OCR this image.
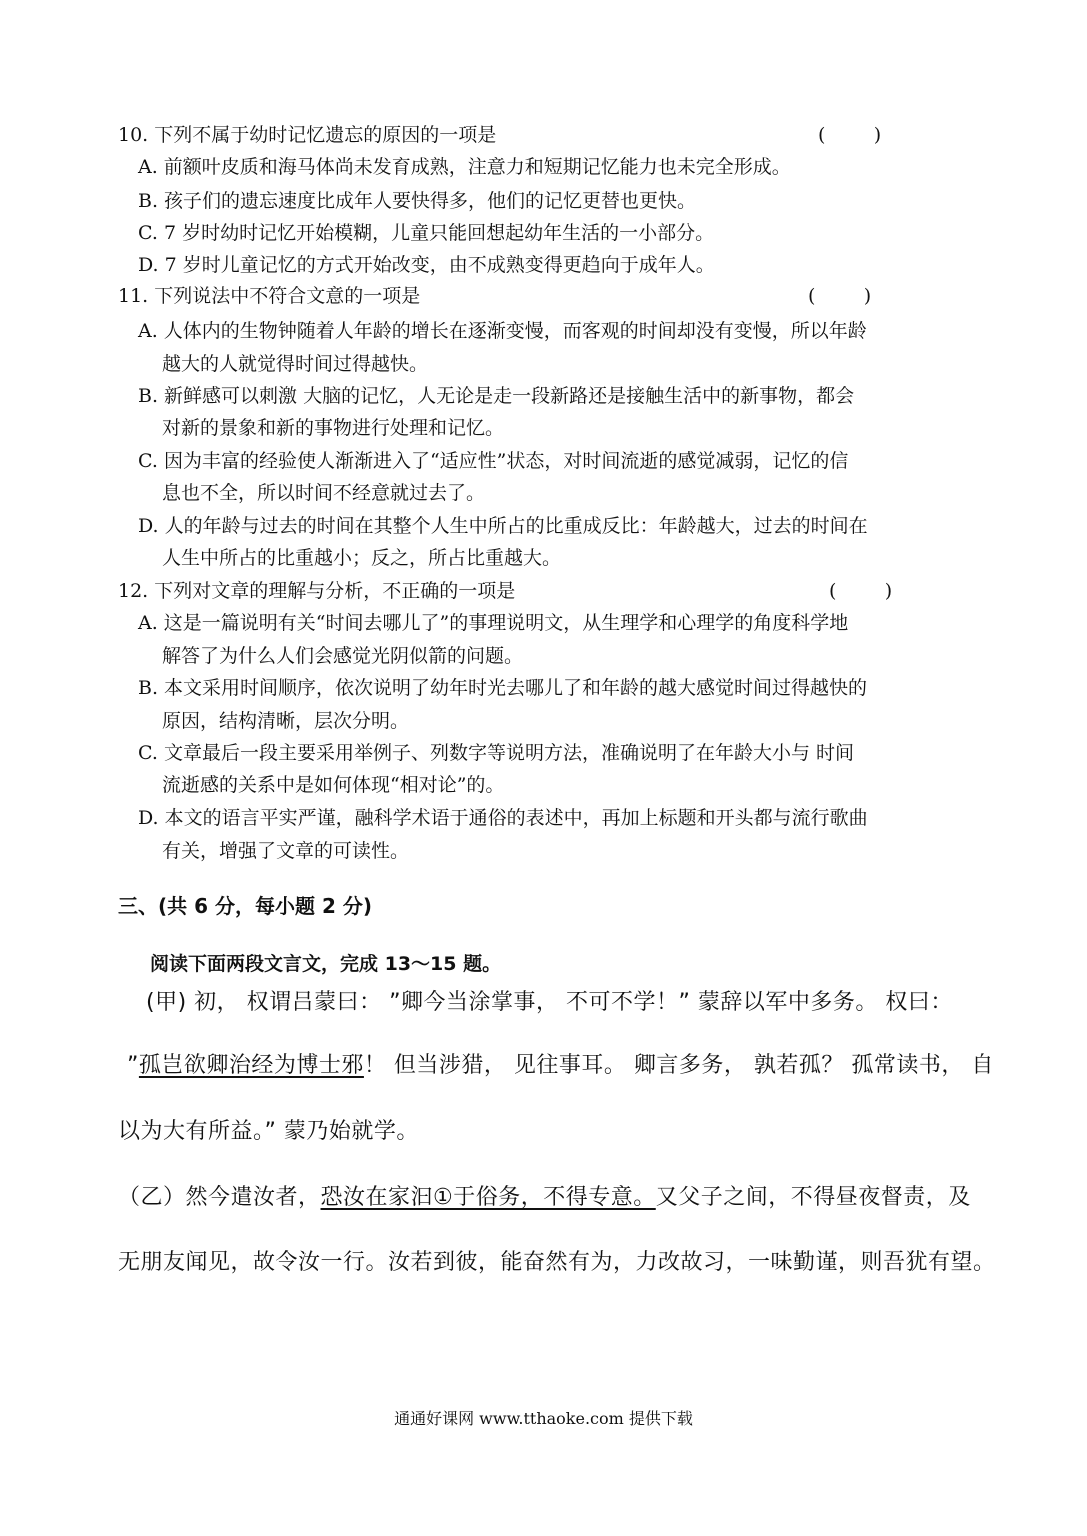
10. 下列不属于幼时记忆遗忘的原因的一项是	(        )
A. 前额叶皮质和海马体尚未发育成熟，注意力和短期记忆能力也未完全形成。
B. 孩子们的遗忘速度比成年人要快得多，他们的记忆更替也更快。
C. 7 岁时幼时记忆开始模糊，儿童只能回想起幼年生活的一小部分。
D. 7 岁时儿童记忆的方式开始改变，由不成熟变得更趋向于成年人。
11. 下列说法中不符合文意的一项是	(        )
A. 人体内的生物钟随着人年龄的增长在逐渐变慢，而客观的时间却没有变慢，所以年龄
越大的人就觉得时间过得越快。
B. 新鲜感可以刺激 大脑的记忆，人无论是走一段新路还是接触生活中的新事物，都会
对新的景象和新的事物进行处理和记忆。
C. 因为丰富的经验使人渐渐进入了“适应性”状态，对时间流逝的感觉减弱，记忆的信
息也不全，所以时间不经意就过去了。
D. 人的年龄与过去的时间在其整个人生中所占的比重成反比：年龄越大，过去的时间在
人生中所占的比重越小；反之，所占比重越大。
12. 下列对文章的理解与分析，不正确的一项是	(        )
A. 这是一篇说明有关“时间去哪儿了”的事理说明文，从生理学和心理学的角度科学地
解答了为什么人们会感觉光阴似箭的问题。
B. 本文采用时间顺序，依次说明了幼年时光去哪儿了和年龄的越大感觉时间过得越快的
原因，结构清晰，层次分明。
C. 文章最后一段主要采用举例子、列数字等说明方法，准确说明了在年龄大小与 时间
流逝感的关系中是如何体现“相对论”的。
D. 本文的语言平实严谨，融科学术语于通俗的表述中，再加上标题和开头都与流行歌曲
有关，增强了文章的可读性。
三、(共 6 分，每小题 2 分)
阅读下面两段文言文，完成 13～15 题。
(甲) 初， 权谓吕蒙曰： ”卿今当涂掌事， 不可不学！” 蒙辞以军中多务。 权曰：
”孤岂欲卿治经为博士邪！ 但当涉猎， 见往事耳。 卿言多务， 孰若孤？ 孤常读书， 自
以为大有所益。” 蒙乃始就学。
（乙）然今遣汝者，恐汝在家汩①于俗务，不得专意。又父子之间，不得昼夜督责，及
无朋友闻见，故令汝一行。汝若到彼，能奋然有为，力改故习，一味勤谨，则吾犹有望。
通通好课网 www.tthaoke.com 提供下载
